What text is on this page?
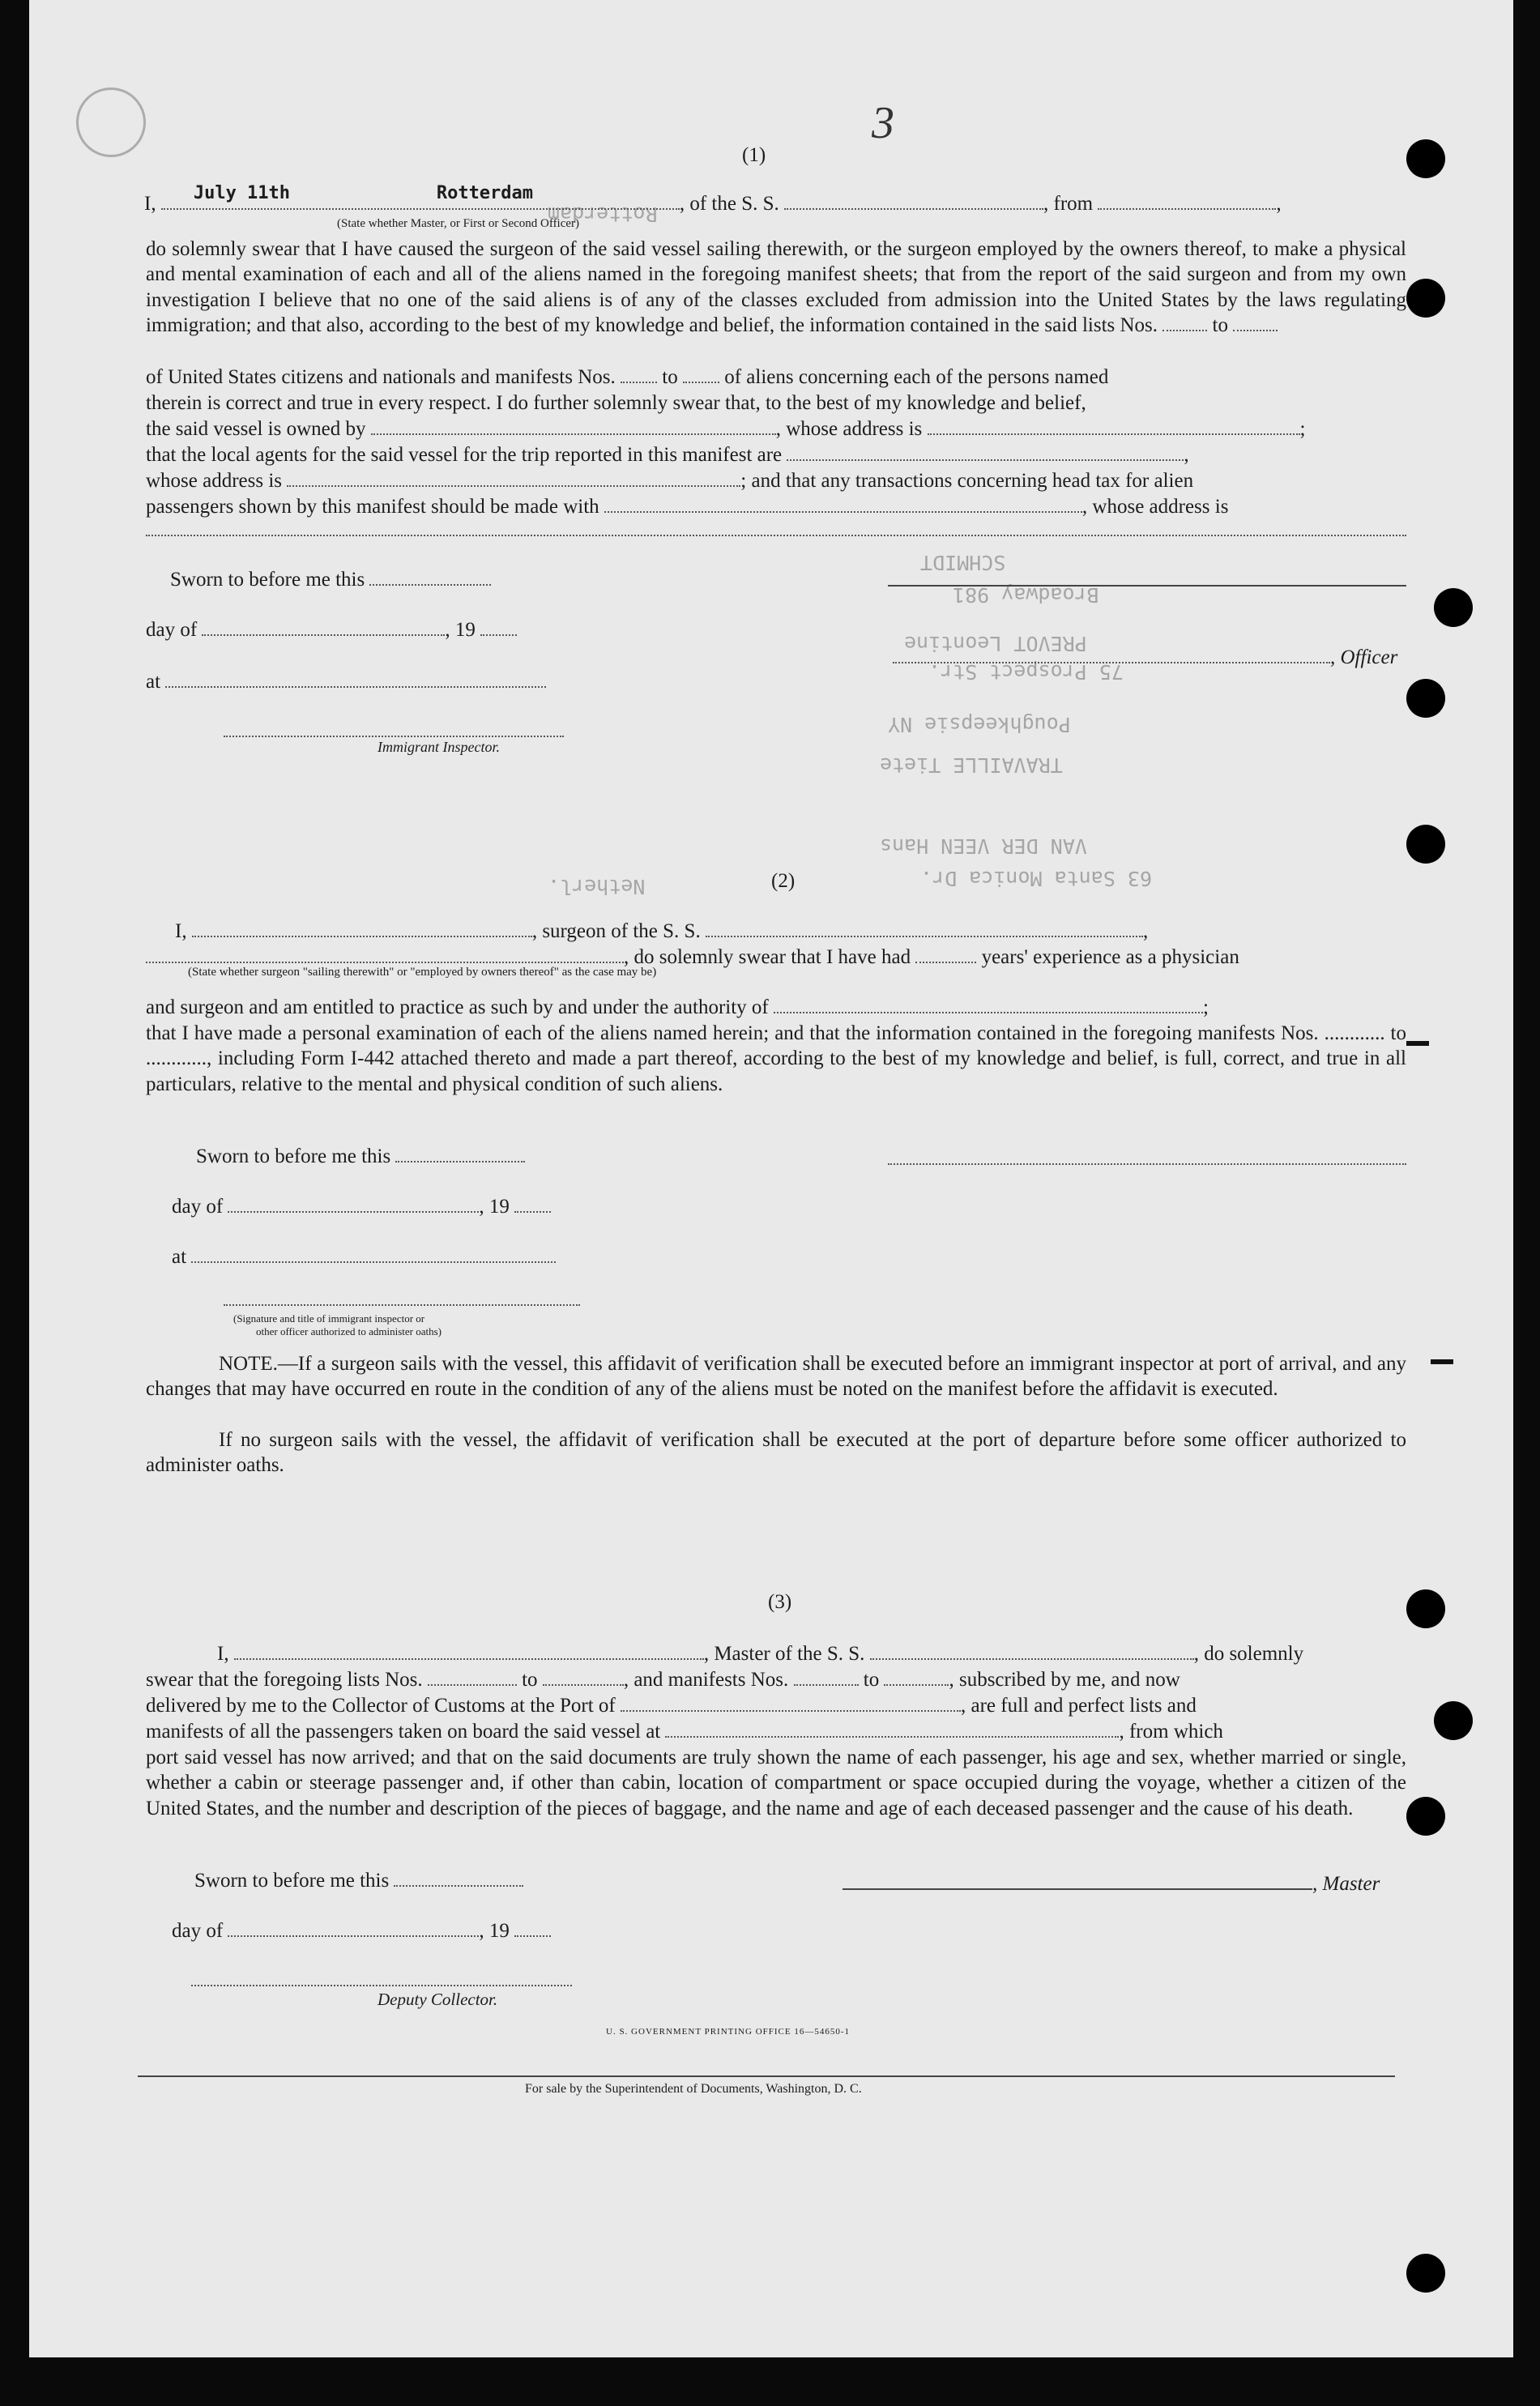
SCHMIDT
Broadway 981
PREVOT Leontine
75 Prospect Str.
Poughkeepsie NY
TRAVAILLE Tiete
VAN DER VEEN Hans
63 Santa Monica Dr.
Rotterdam
Netherl.
(1)
3
I, July 11th	Rotterdam	, of the S. S.	, from	,
(State whether Master, or First or Second Officer)
do solemnly swear that I have caused the surgeon of the said vessel sailing therewith, or the surgeon employed by the owners thereof, to make a physical and mental examination of each and all of the aliens named in the foregoing manifest sheets; that from the report of the said surgeon and from my own investigation I believe that no one of the said aliens is of any of the classes excluded from admission into the United States by the laws regulating immigration; and that also, according to the best of my knowledge and belief, the information contained in the said lists Nos.	to
of United States citizens and nationals and manifests Nos. to of aliens concerning each of the persons named
therein is correct and true in every respect. I do further solemnly swear that, to the best of my knowledge and belief,
the said vessel is owned by	, whose address is	;
that the local agents for the said vessel for the trip reported in this manifest are	,
whose address is	; and that any transactions concerning head tax for alien
passengers shown by this manifest should be made with	, whose address is
Sworn to before me this
day of	, 19
, Officer
at
Immigrant Inspector.
(2)
I,	, surgeon of the S. S.	,
, do solemnly swear that I have had	years' experience as a physician
(State whether surgeon "sailing therewith" or "employed by owners thereof" as the case may be)
and surgeon and am entitled to practice as such by and under the authority of	;
that I have made a personal examination of each of the aliens named herein; and that the information contained in the foregoing manifests Nos. ............ to ............, including Form I-442 attached thereto and made a part thereof, according to the best of my knowledge and belief, is full, correct, and true in all particulars, relative to the mental and physical condition of such aliens.
Sworn to before me this
day of	, 19
at
(Signature and title of immigrant inspector or
other officer authorized to administer oaths)
NOTE.—If a surgeon sails with the vessel, this affidavit of verification shall be executed before an immigrant inspector at port of arrival, and any changes that may have occurred en route in the condition of any of the aliens must be noted on the manifest before the affidavit is executed.
If no surgeon sails with the vessel, the affidavit of verification shall be executed at the port of departure before some officer authorized to administer oaths.
(3)
I,	, Master of the S. S.	, do solemnly
swear that the foregoing lists Nos.	to	, and manifests Nos.	to	, subscribed by me, and now
delivered by me to the Collector of Customs at the Port of	, are full and perfect lists and
manifests of all the passengers taken on board the said vessel at	, from which
port said vessel has now arrived; and that on the said documents are truly shown the name of each passenger, his age and sex, whether married or single, whether a cabin or steerage passenger and, if other than cabin, location of compartment or space occupied during the voyage, whether a citizen of the United States, and the number and description of the pieces of baggage, and the name and age of each deceased passenger and the cause of his death.
Sworn to before me this	, Master
day of	, 19
Deputy Collector.
U. S. GOVERNMENT PRINTING OFFICE 16—54650-1
For sale by the Superintendent of Documents, Washington, D. C.
